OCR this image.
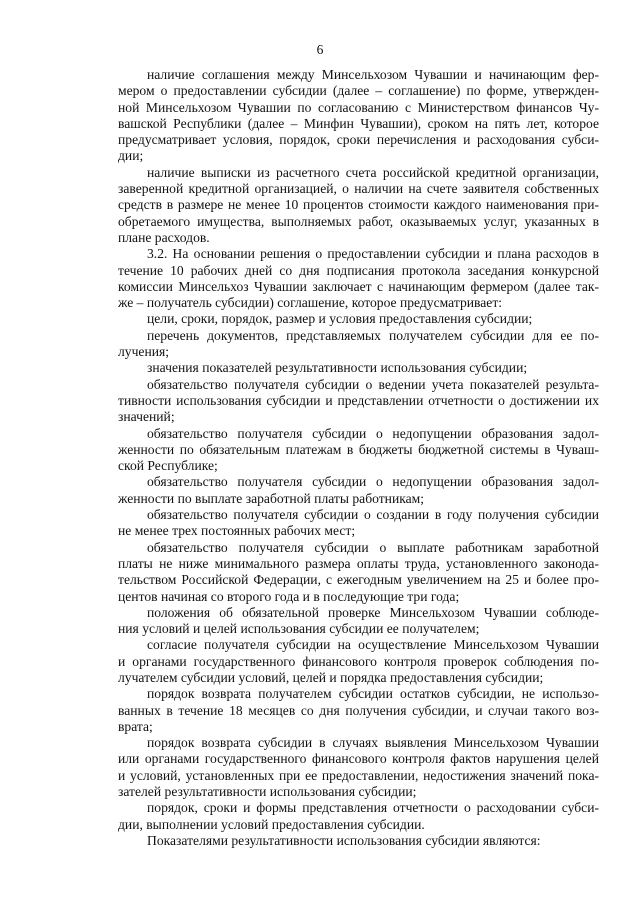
6
наличие соглашения между Минсельхозом Чувашии и начинающим фер-
мером о предоставлении субсидии (далее – соглашение) по форме, утвержден-
ной Минсельхозом Чувашии по согласованию с Министерством финансов Чу-
вашской Республики (далее – Минфин Чувашии), сроком на пять лет, которое
предусматривает условия, порядок, сроки перечисления и расходования субси-
дии;
наличие выписки из расчетного счета российской кредитной организации,
заверенной кредитной организацией, о наличии на счете заявителя собственных
средств в размере не менее 10 процентов стоимости каждого наименования при-
обретаемого имущества, выполняемых работ, оказываемых услуг, указанных в
плане расходов.
3.2. На основании решения о предоставлении субсидии и плана расходов в
течение 10 рабочих дней со дня подписания протокола заседания конкурсной
комиссии Минсельхоз Чувашии заключает с начинающим фермером (далее так-
же – получатель субсидии) соглашение, которое предусматривает:
цели, сроки, порядок, размер и условия предоставления субсидии;
перечень документов, представляемых получателем субсидии для ее по-
лучения;
значения показателей результативности использования субсидии;
обязательство получателя субсидии о ведении учета показателей результа-
тивности использования субсидии и представлении отчетности о достижении их
значений;
обязательство получателя субсидии о недопущении образования задол-
женности по обязательным платежам в бюджеты бюджетной системы в Чуваш-
ской Республике;
обязательство получателя субсидии о недопущении образования задол-
женности по выплате заработной платы работникам;
обязательство получателя субсидии о создании в году получения субсидии
не менее трех постоянных рабочих мест;
обязательство получателя субсидии о выплате работникам заработной
платы не ниже минимального размера оплаты труда, установленного законода-
тельством Российской Федерации, с ежегодным увеличением на 25 и более про-
центов начиная со второго года и в последующие три года;
положения об обязательной проверке Минсельхозом Чувашии соблюде-
ния условий и целей использования субсидии ее получателем;
согласие получателя субсидии на осуществление Минсельхозом Чувашии
и органами государственного финансового контроля проверок соблюдения по-
лучателем субсидии условий, целей и порядка предоставления субсидии;
порядок возврата получателем субсидии остатков субсидии, не использо-
ванных в течение 18 месяцев со дня получения субсидии, и случаи такого воз-
врата;
порядок возврата субсидии в случаях выявления Минсельхозом Чувашии
или органами государственного финансового контроля фактов нарушения целей
и условий, установленных при ее предоставлении, недостижения значений пока-
зателей результативности использования субсидии;
порядок, сроки и формы представления отчетности о расходовании субси-
дии, выполнении условий предоставления субсидии.
Показателями результативности использования субсидии являются:
